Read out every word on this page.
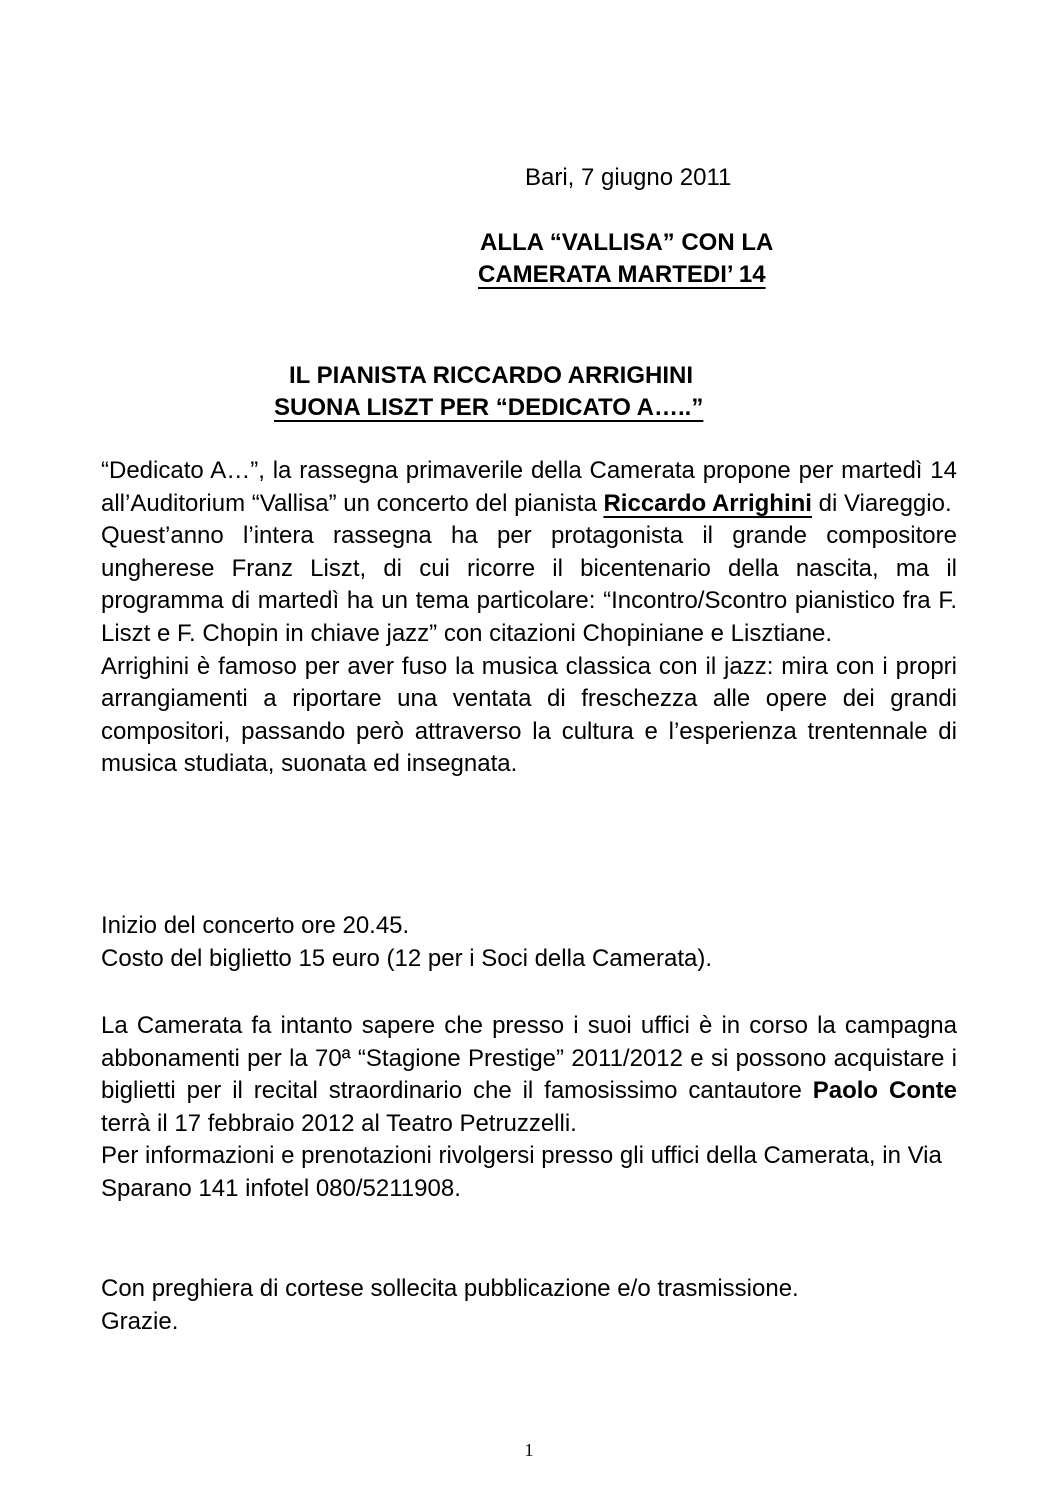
Bari, 7 giugno 2011
ALLA “VALLISA” CON LA
CAMERATA MARTEDI’ 14
IL PIANISTA RICCARDO ARRIGHINI
SUONA LISZT PER “DEDICATO A…..”

“Dedicato A…”, la rassegna primaverile della Camerata propone per martedì 14 all’Auditorium “Vallisa” un concerto del pianista Riccardo Arrighini di Viareggio.

Quest’anno l’intera rassegna ha per protagonista il grande compositore ungherese Franz Liszt, di cui ricorre il bicentenario della nascita, ma il programma di martedì ha un tema particolare: “Incontro/Scontro pianistico fra F. Liszt e F. Chopin in chiave jazz” con citazioni Chopiniane e Lisztiane.

Arrighini è famoso per aver fuso la musica classica con il jazz: mira con i propri arrangiamenti a riportare una ventata di freschezza alle opere dei grandi compositori, passando però attraverso la cultura e l’esperienza trentennale di musica studiata, suonata ed insegnata.

Inizio del concerto ore 20.45.

Costo del biglietto 15 euro (12 per i Soci della Camerata).

La Camerata fa intanto sapere che presso i suoi uffici è in corso la campagna abbonamenti per la 70ª “Stagione Prestige” 2011/2012 e si possono acquistare i biglietti per il recital straordinario che il famosissimo cantautore Paolo Conte terrà il 17 febbraio 2012 al Teatro Petruzzelli.

Per informazioni e prenotazioni rivolgersi presso gli uffici della Camerata, in Via Sparano 141 infotel 080/5211908.

Con preghiera di cortese sollecita pubblicazione e/o trasmissione.

Grazie.

1
